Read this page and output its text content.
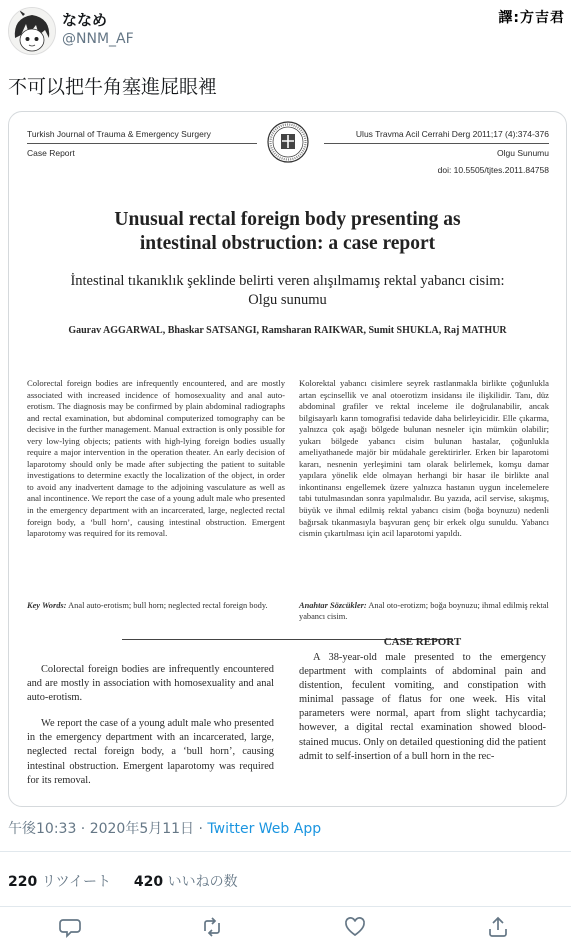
ななめ
@NNM_AF
譯:方吉君
不可以把牛角塞進屁眼裡
Turkish Journal of Trauma & Emergency Surgery
Case Report
Ulus Travma Acil Cerrahi Derg 2011;17 (4):374-376
Olgu Sunumu
doi: 10.5505/tjtes.2011.84758
Unusual rectal foreign body presenting as
intestinal obstruction: a case report
İntestinal tıkanıklık şeklinde belirti veren alışılmamış rektal yabancı cisim:
Olgu sunumu
Gaurav AGGARWAL, Bhaskar SATSANGI, Ramsharan RAIKWAR, Sumit SHUKLA, Raj MATHUR

Colorectal foreign bodies are infrequently encountered, and are mostly associated with increased incidence of homosexuality and anal auto-erotism. The diagnosis may be confirmed by plain abdominal radiographs and rectal examination, but abdominal computerized tomography can be decisive in the further management. Manual extraction is only possible for very low-lying objects; patients with high-lying foreign bodies usually require a major intervention in the operation theater. An early decision of laparotomy should only be made after subjecting the patient to suitable investigations to determine exactly the localization of the object, in order to avoid any inadvertent damage to the adjoining vasculature as well as anal incontinence. We report the case of a young adult male who presented in the emergency department with an incarcerated, large, neglected rectal foreign body, a ‘bull horn’, causing intestinal obstruction. Emergent laparotomy was required for its removal.

Key Words: Anal auto-erotism; bull horn; neglected rectal foreign body.

Kolorektal yabancı cisimlere seyrek rastlanmakla birlikte çoğunlukla artan eşcinsellik ve anal otoerotizm insidansı ile ilişkilidir. Tanı, düz abdominal grafiler ve rektal inceleme ile doğrulanabilir, ancak bilgisayarlı karın tomografisi tedavide daha belirleyicidir. Elle çıkarma, yalnızca çok aşağı bölgede bulunan nesneler için mümkün olabilir; yukarı bölgede yabancı cisim bulunan hastalar, çoğunlukla ameliyathanede majör bir müdahale gerektirirler. Erken bir laparotomi kararı, nesnenin yerleşimini tam olarak belirlemek, komşu damar yapılara yönelik elde olmayan herhangi bir hasar ile birlikte anal inkontinansı engellemek üzere yalnızca hastanın uygun incelemelere tabi tutulmasından sonra yapılmalıdır. Bu yazıda, acil servise, sıkışmış, büyük ve ihmal edilmiş rektal yabancı cisim (boğa boynuzu) nedenli bağırsak tıkanmasıyla başvuran genç bir erkek olgu sunuldu. Yabancı cismin çıkartılması için acil laparotomi yapıldı.

Anahtar Sözcükler: Anal oto-erotizm; boğa boynuzu; ihmal edilmiş rektal yabancı cisim.

Colorectal foreign bodies are infrequently encountered and are mostly in association with homosexuality and anal auto-erotism.

We report the case of a young adult male who presented in the emergency department with an incarcerated, large, neglected rectal foreign body, a ‘bull horn’, causing intestinal obstruction. Emergent laparotomy was required for its removal.

CASE REPORT

A 38-year-old male presented to the emergency department with complaints of abdominal pain and distention, feculent vomiting, and constipation with minimal passage of flatus for one week. His vital parameters were normal, apart from slight tachycardia; however, a digital rectal examination showed blood-stained mucus. Only on detailed questioning did the patient admit to self-insertion of a bull horn in the rec-

午後10:33 · 2020年5月11日 · Twitter Web App
220 リツイート 420 いいねの数
